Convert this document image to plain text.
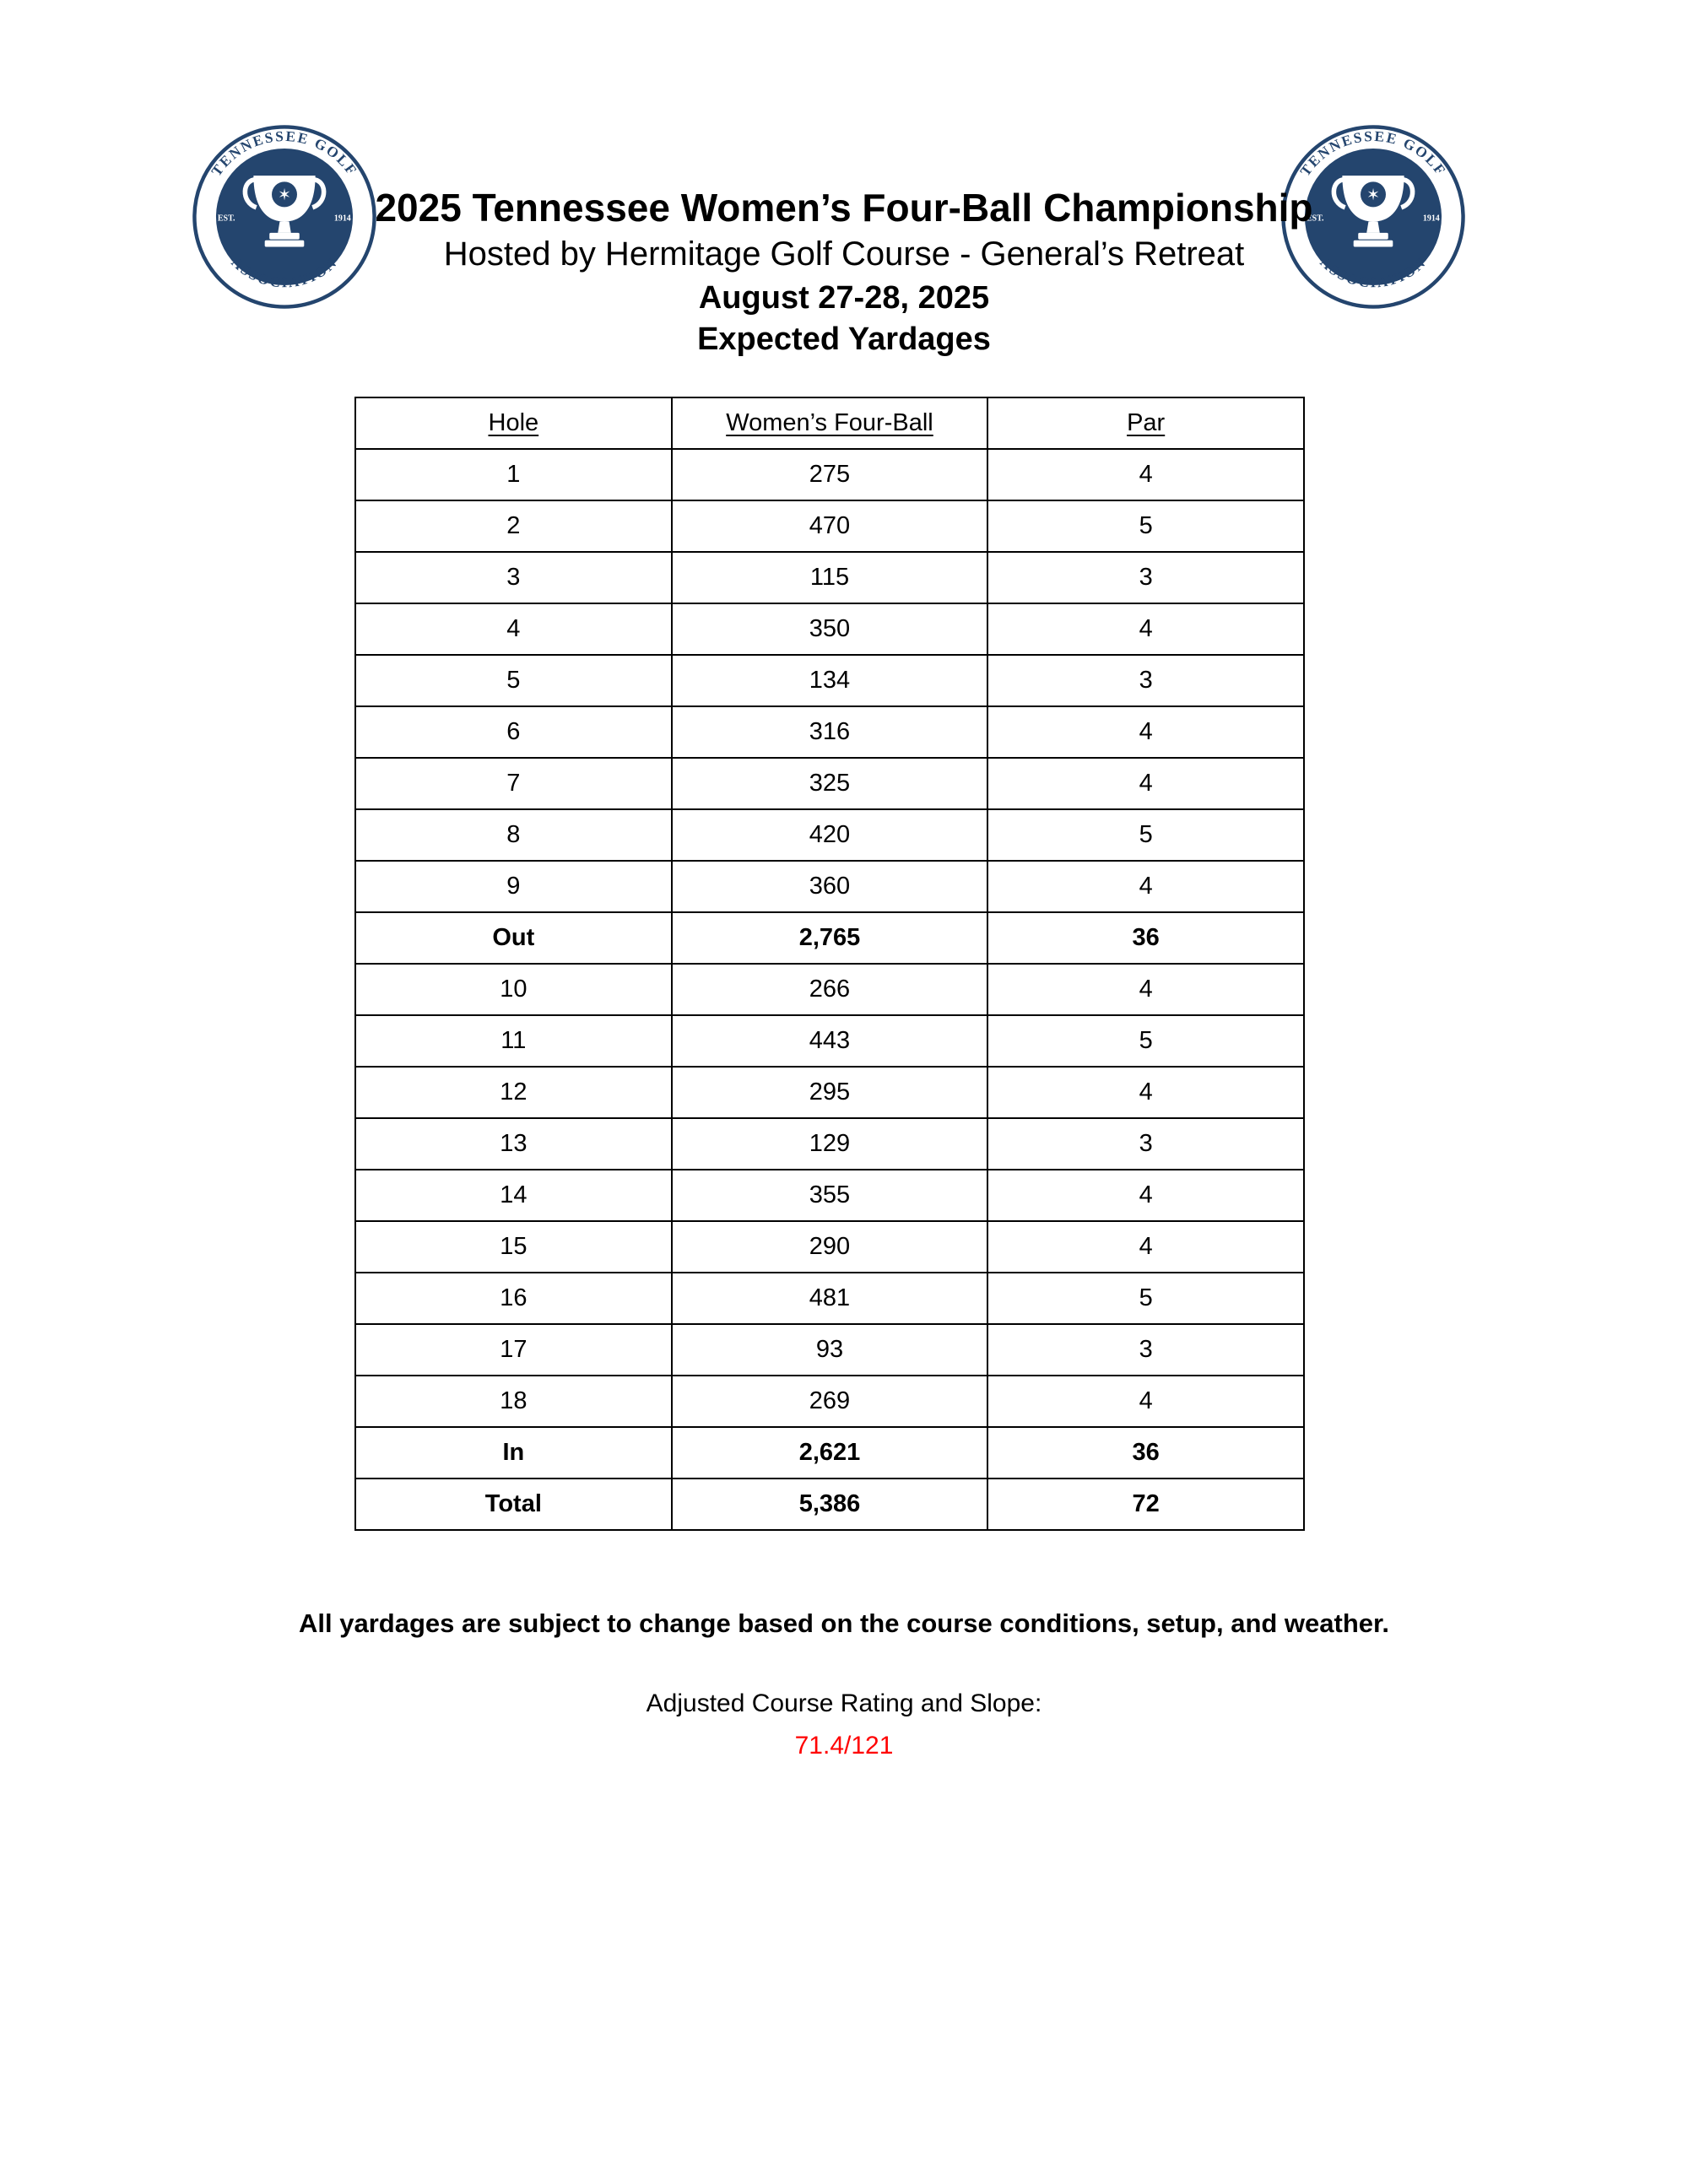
2025 Tennessee Women’s Four-Ball Championship
Hosted by Hermitage Golf Course - General’s Retreat
August 27-28, 2025
Expected Yardages
Hole	Women’s Four-Ball	Par
1	275	4
2	470	5
3	115	3
4	350	4
5	134	3
6	316	4
7	325	4
8	420	5
9	360	4
Out	2,765	36
10	266	4
11	443	5
12	295	4
13	129	3
14	355	4
15	290	4
16	481	5
17	93	3
18	269	4
In	2,621	36
Total	5,386	72
All yardages are subject to change based on the course conditions, setup, and weather.
Adjusted Course Rating and Slope:
71.4/121
